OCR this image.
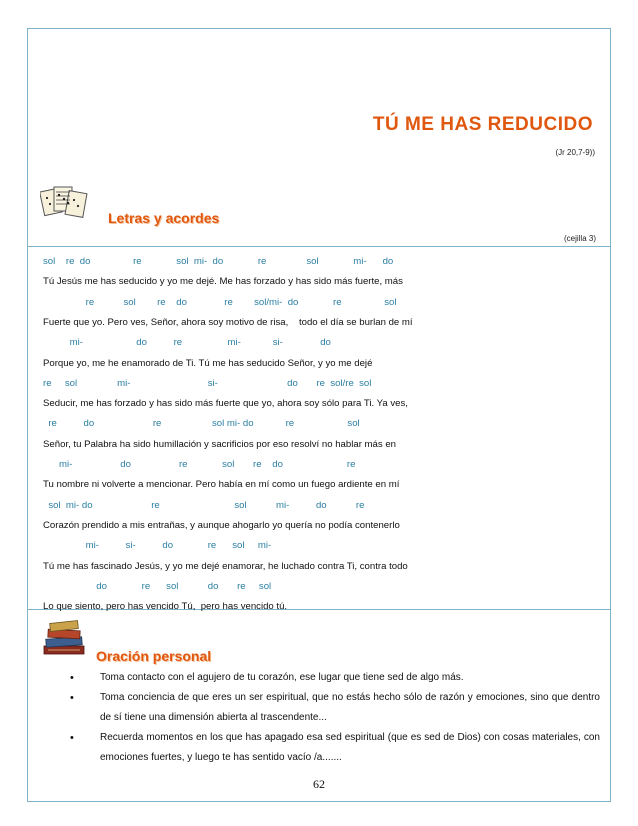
TÚ ME HAS REDUCIDO
(Jr 20,7-9))
Letras y acordes
(cejilla 3)
sol    re  do                re             sol  mi-  do             re               sol             mi-      do
Tú Jesús me has seducido y yo me dejé. Me has forzado y has sido más fuerte, más
re           sol        re    do              re        sol/mi-  do             re                sol
Fuerte que yo. Pero ves, Señor, ahora soy motivo de risa,    todo el día se burlan de mí
mi-                    do          re                 mi-            si-              do
Porque yo, me he enamorado de Ti. Tú me has seducido Señor, y yo me dejé
re     sol               mi-                             si-                          do       re  sol/re  sol
Seducir, me has forzado y has sido más fuerte que yo, ahora soy sólo para Ti. Ya ves,
re          do                      re                   sol mi- do            re                    sol
Señor, tu Palabra ha sido humillación y sacrificios por eso resolví no hablar más en
mi-                  do                  re             sol       re    do                        re
Tu nombre ni volverte a mencionar. Pero había en mí como un fuego ardiente en mí
sol  mi- do                      re                            sol           mi-          do           re
Corazón prendido a mis entrañas, y aunque ahogarlo yo quería no podía contenerlo
mi-          si-          do             re      sol     mi-
Tú me has fascinado Jesús, y yo me dejé enamorar, he luchado contra Ti, contra todo
do             re      sol           do       re     sol
Lo que siento, pero has vencido Tú,  pero has vencido tú.
Oración personal
•	Toma contacto con el agujero de tu corazón, ese lugar que tiene sed de algo más.
•	Toma conciencia de que eres un ser espiritual, que no estás hecho sólo de razón y emociones, sino que dentro de sí tiene una dimensión abierta al trascendente...
•	Recuerda momentos en los que has apagado esa sed espiritual (que es sed de Dios) con cosas materiales, con emociones fuertes, y luego te has sentido vacío /a.......
62
